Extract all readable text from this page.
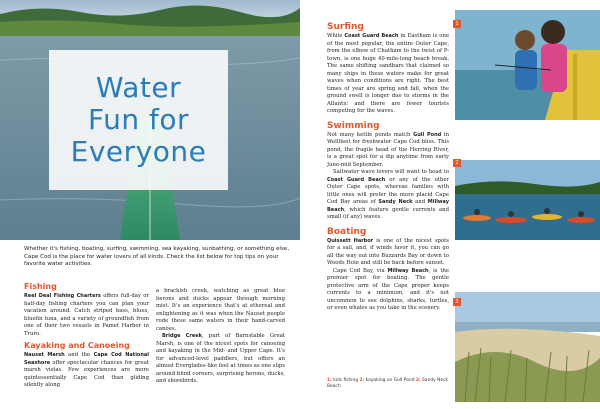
Water
Fun for
Everyone
Whether it's fishing, boating, surfing, swimming, sea kayaking, sunbathing, or something else, Cape Cod is the place for water lovers of all kinds. Check the list below for top tips on your favorite water activities.
Fishing

Reel Deal Fishing Charters offers full-day or half-day fishing charters you can plan your vacation around. Catch striped bass, blues, bluefin tuna, and a variety of groundfish from one of their two vessels in Pamet Harbor in Truro.

Kayaking and Canoeing

Nauset Marsh and the Cape Cod National Seashore offer spectacular chances for great marsh vistas. Few experiences are more quintessentially Cape Cod than gliding silently along

a brackish creek, watching as great blue herons and ducks appear through morning mist. It's an experience that's at ethereal and enlightening as it was when the Nauset people rode these same waters in their hand-carved canoes.

Bridge Creek, part of Barnstable Great Marsh, is one of the nicest spots for canoeing and kayaking in the Mid- and Upper Cape. It's for advanced-level paddlers, but offers an almost Everglades-like feel at times as one slips around blind corners, surprising herons, ducks, and shorebirds.

Surfing

While Coast Guard Beach in Eastham is one of the most popular, the entire Outer Cape, from the elbow of Chatham to the twist of P-town, is one huge 40-mile-long beach break. The same shifting sandbars that claimed so many ships in these waters make for great waves when conditions are right. The best times of year are spring and fall, when the ground swell is longer due to storms in the Atlantic and there are fewer tourists competing for the waves.

Swimming

Not many kettle ponds match Gull Pond in Wellfleet for freshwater Cape Cod bliss. This pond, the fragile head of the Herring River, is a great spot for a dip anytime from early June-mid September.

Saltwater wave lovers will want to head to Coast Guard Beach or any of the other Outer Cape spots, whereas families with little ones will prefer the more placid Cape Cod Bay areas of Sandy Neck and Millway Beach, which feature gentle currents and small (if any) waves.

Boating

Quissett Harbor is one of the nicest spots for a sail, and, if winds favor it, you can go all the way out into Buzzards Bay or down to Woods Hole and still be back before sunset.

Cape Cod Bay, via Millway Beach, is the premier spot for boating. The gentle protective arm of the Cape proper keeps currents to a minimum, and it's not uncommon to see dolphins, sharks, turtles, or even whales as you take in the scenery.

1
2
3
1: kids fishing 2: kayaking on Gull Pond 3: Sandy Neck Beach
